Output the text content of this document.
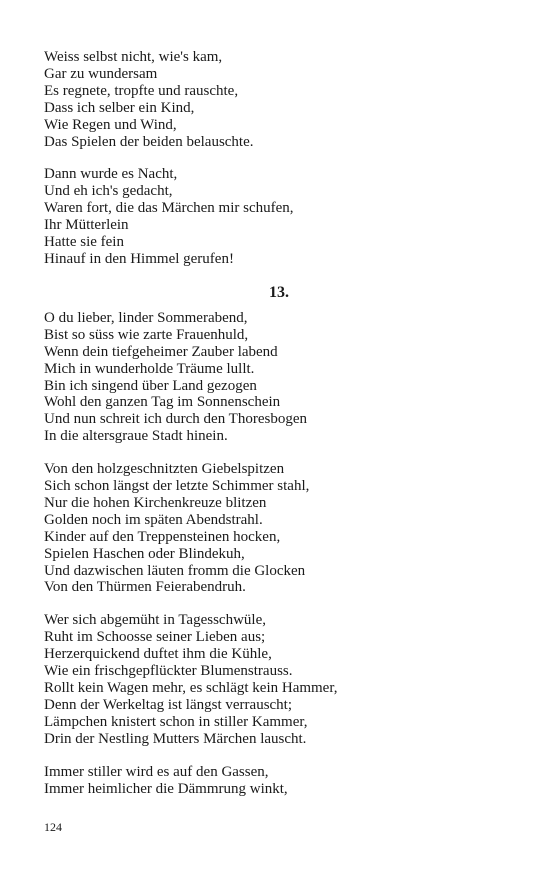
Weiss selbst nicht, wie's kam,
Gar zu wundersam
Es regnete, tropfte und rauschte,
Dass ich selber ein Kind,
Wie Regen und Wind,
Das Spielen der beiden belauschte.
Dann wurde es Nacht,
Und eh ich's gedacht,
Waren fort, die das Märchen mir schufen,
Ihr Mütterlein
Hatte sie fein
Hinauf in den Himmel gerufen!
13.
O du lieber, linder Sommerabend,
Bist so süss wie zarte Frauenhuld,
Wenn dein tiefgeheimer Zauber labend
Mich in wunderholde Träume lullt.
Bin ich singend über Land gezogen
Wohl den ganzen Tag im Sonnenschein
Und nun schreit ich durch den Thoresbogen
In die altersgraue Stadt hinein.
Von den holzgeschnitzten Giebelspitzen
Sich schon längst der letzte Schimmer stahl,
Nur die hohen Kirchenkreuze blitzen
Golden noch im späten Abendstrahl.
Kinder auf den Treppensteinen hocken,
Spielen Haschen oder Blindekuh,
Und dazwischen läuten fromm die Glocken
Von den Thürmen Feierabendruh.
Wer sich abgemüht in Tagesschwüle,
Ruht im Schoosse seiner Lieben aus;
Herzerquickend duftet ihm die Kühle,
Wie ein frischgepflückter Blumenstrauss.
Rollt kein Wagen mehr, es schlägt kein Hammer,
Denn der Werkeltag ist längst verrauscht;
Lämpchen knistert schon in stiller Kammer,
Drin der Nestling Mutters Märchen lauscht.
Immer stiller wird es auf den Gassen,
Immer heimlicher die Dämmrung winkt,
124
